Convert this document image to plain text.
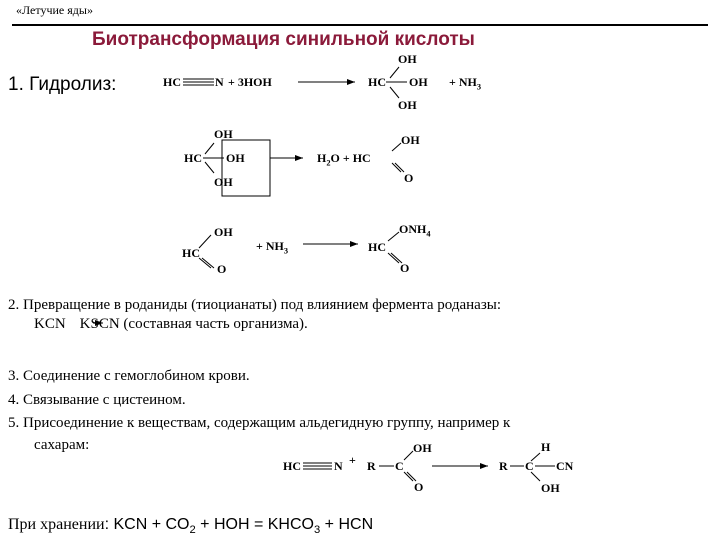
«Летучие яды»
Биотрансформация синильной кислоты
1. Гидролиз:	HC	N + 3HOH
OH
HC OH
OH
+ $NH_3$
OH
HC OH
OH
$H_2O$ + HC
OH
O
OH
HC
O
+ $NH_3$
$ONH_4$
HC
O
2. Превращение в роданиды (тиоцианаты) под влиянием фермента роданазы:
KCN KSCN (составная часть организма).
3. Соединение с гемоглобином крови.
4. Связывание с цистеином.
5. Присоединение к веществам, содержащим альдегидную группу, например к
сахарам:
HC	N + R C
OH
O
R C CN
H
OH
При хранении: KCN + $CO_2$ + HOH = $KHCO_3$ + HCN
